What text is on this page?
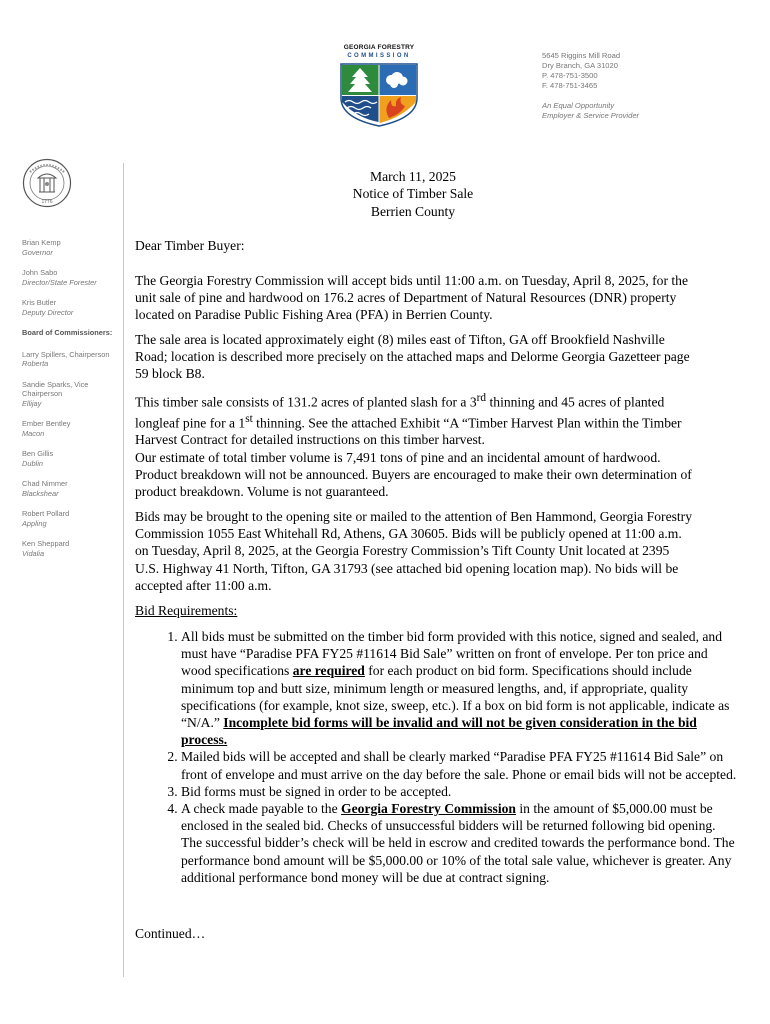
GEORGIA FORESTRY
COMMISSION	5645 Riggins Mill Road
Dry Branch, GA 31020
P. 478-751-3500
F. 478-751-3465
An Equal Opportunity
Employer & Service Provider
1776
Brian Kemp
Governor
John Sabo
Director/State Forester
Kris Butler
Deputy Director
Board of Commissioners:
Larry Spillers, Chairperson
Roberta
Sandie Sparks, Vice Chairperson
Ellijay
Ember Bentley
Macon
Ben Gillis
Dublin
Chad Nimmer
Blackshear
Robert Pollard
Appling
Ken Sheppard
Vidalia
March 11, 2025
Notice of Timber Sale
Berrien County
Dear Timber Buyer:
The Georgia Forestry Commission will accept bids until 11:00 a.m. on Tuesday, April 8, 2025, for the unit sale of pine and hardwood on 176.2 acres of Department of Natural Resources (DNR) property located on Paradise Public Fishing Area (PFA) in Berrien County.
The sale area is located approximately eight (8) miles east of Tifton, GA off Brookfield Nashville Road; location is described more precisely on the attached maps and Delorme Georgia Gazetteer page 59 block B8.
This timber sale consists of 131.2 acres of planted slash for a 3rd thinning and 45 acres of planted longleaf pine for a 1st thinning. See the attached Exhibit “A “Timber Harvest Plan within the Timber Harvest Contract for detailed instructions on this timber harvest.
Our estimate of total timber volume is 7,491 tons of pine and an incidental amount of hardwood. Product breakdown will not be announced. Buyers are encouraged to make their own determination of product breakdown. Volume is not guaranteed.
Bids may be brought to the opening site or mailed to the attention of Ben Hammond, Georgia Forestry Commission 1055 East Whitehall Rd, Athens, GA 30605. Bids will be publicly opened at 11:00 a.m. on Tuesday, April 8, 2025, at the Georgia Forestry Commission’s Tift County Unit located at 2395 U.S. Highway 41 North, Tifton, GA 31793 (see attached bid opening location map). No bids will be accepted after 11:00 a.m.
Bid Requirements:
1. All bids must be submitted on the timber bid form provided with this notice, signed and sealed, and must have “Paradise PFA FY25 #11614 Bid Sale” written on front of envelope. Per ton price and wood specifications are required for each product on bid form. Specifications should include minimum top and butt size, minimum length or measured lengths, and, if appropriate, quality specifications (for example, knot size, sweep, etc.). If a box on bid form is not applicable, indicate as “N/A.” Incomplete bid forms will be invalid and will not be given consideration in the bid process.
2. Mailed bids will be accepted and shall be clearly marked “Paradise PFA FY25 #11614 Bid Sale” on front of envelope and must arrive on the day before the sale. Phone or email bids will not be accepted.
3. Bid forms must be signed in order to be accepted.
4. A check made payable to the Georgia Forestry Commission in the amount of $5,000.00 must be enclosed in the sealed bid. Checks of unsuccessful bidders will be returned following bid opening. The successful bidder’s check will be held in escrow and credited towards the performance bond. The performance bond amount will be $5,000.00 or 10% of the total sale value, whichever is greater. Any additional performance bond money will be due at contract signing.
Continued…
